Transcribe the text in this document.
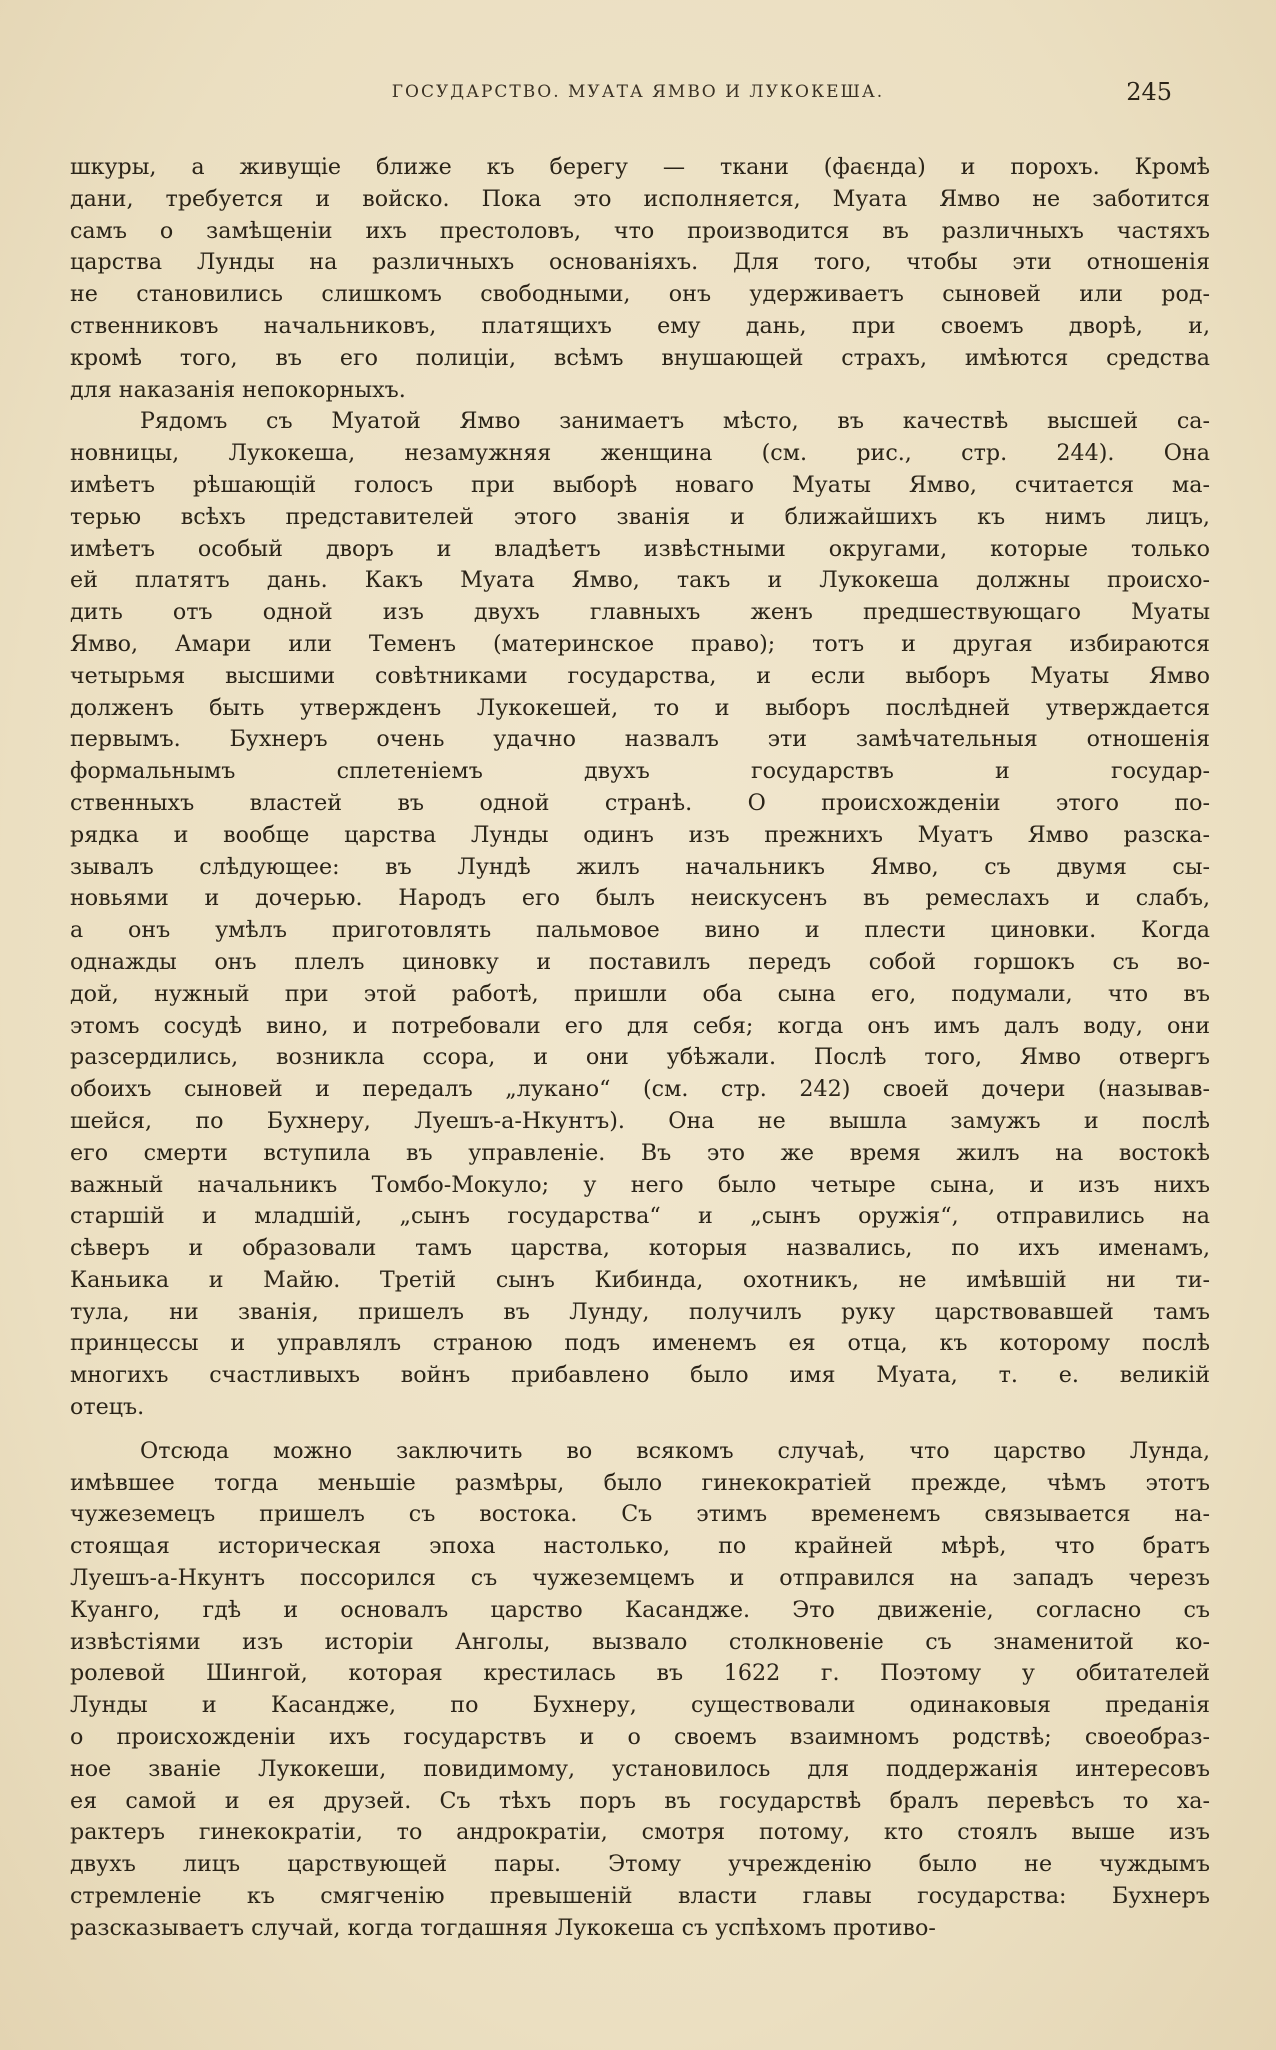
ГОСУДАРСТВО. МУАТА ЯМВО И ЛУКОКЕША.	245
шкуры, а живущіе ближе къ берегу — ткани (фаєнда) и порохъ. Кромѣ
дани, требуется и войско. Пока это исполняется, Муата Ямво не заботится
самъ о замѣщеніи ихъ престоловъ, что производится въ различныхъ частяхъ
царства Лунды на различныхъ основаніяхъ. Для того, чтобы эти отношенія
не становились слишкомъ свободными, онъ удерживаетъ сыновей или род-
ственниковъ начальниковъ, платящихъ ему дань, при своемъ дворѣ, и,
кромѣ того, въ его полиціи, всѣмъ внушающей страхъ, имѣются средства
для наказанія непокорныхъ.
Рядомъ съ Муатой Ямво занимаетъ мѣсто, въ качествѣ высшей са-
новницы, Лукокеша, незамужняя женщина (см. рис., стр. 244). Она
имѣетъ рѣшающій голосъ при выборѣ новаго Муаты Ямво, считается ма-
терью всѣхъ представителей этого званія и ближайшихъ къ нимъ лицъ,
имѣетъ особый дворъ и владѣетъ извѣстными округами, которые только
ей платятъ дань. Какъ Муата Ямво, такъ и Лукокеша должны происхо-
дить отъ одной изъ двухъ главныхъ женъ предшествующаго Муаты
Ямво, Амари или Теменъ (материнское право); тотъ и другая избираются
четырьмя высшими совѣтниками государства, и если выборъ Муаты Ямво
долженъ быть утвержденъ Лукокешей, то и выборъ послѣдней утверждается
первымъ. Бухнеръ очень удачно назвалъ эти замѣчательныя отношенія
формальнымъ сплетеніемъ двухъ государствъ и государ-
ственныхъ властей въ одной странѣ. О происхожденіи этого по-
рядка и вообще царства Лунды одинъ изъ прежнихъ Муатъ Ямво разска-
зывалъ слѣдующее: въ Лундѣ жилъ начальникъ Ямво, съ двумя сы-
новьями и дочерью. Народъ его былъ неискусенъ въ ремеслахъ и слабъ,
а онъ умѣлъ приготовлять пальмовое вино и плести циновки. Когда
однажды онъ плелъ циновку и поставилъ передъ собой горшокъ съ во-
дой, нужный при этой работѣ, пришли оба сына его, подумали, что въ
этомъ сосудѣ вино, и потребовали его для себя; когда онъ имъ далъ воду, они
разсердились, возникла ссора, и они убѣжали. Послѣ того, Ямво отвергъ
обоихъ сыновей и передалъ „лукано“ (см. стр. 242) своей дочери (называв-
шейся, по Бухнеру, Луешъ-а-Нкунтъ). Она не вышла замужъ и послѣ
его смерти вступила въ управленіе. Въ это же время жилъ на востокѣ
важный начальникъ Томбо-Мокуло; у него было четыре сына, и изъ нихъ
старшій и младшій, „сынъ государства“ и „сынъ оружія“, отправились на
сѣверъ и образовали тамъ царства, которыя назвались, по ихъ именамъ,
Каньика и Майю. Третій сынъ Кибинда, охотникъ, не имѣвшій ни ти-
тула, ни званія, пришелъ въ Лунду, получилъ руку царствовавшей тамъ
принцессы и управлялъ страною подъ именемъ ея отца, къ которому послѣ
многихъ счастливыхъ войнъ прибавлено было имя Муата, т. е. великій
отецъ.
Отсюда можно заключить во всякомъ случаѣ, что царство Лунда,
имѣвшее тогда меньшіе размѣры, было гинекократіей прежде, чѣмъ этотъ
чужеземецъ пришелъ съ востока. Съ этимъ временемъ связывается на-
стоящая историческая эпоха настолько, по крайней мѣрѣ, что братъ
Луешъ-а-Нкунтъ поссорился съ чужеземцемъ и отправился на западъ черезъ
Куанго, гдѣ и основалъ царство Касанджe. Это движеніе, согласно съ
извѣстіями изъ исторіи Анголы, вызвало столкновеніе съ знаменитой ко-
ролевой Шингой, которая крестилась въ 1622 г. Поэтому у обитателей
Лунды и Касанджe, по Бухнеру, существовали одинаковыя преданія
о происхожденіи ихъ государствъ и о своемъ взаимномъ родствѣ; своеобраз-
ное званіе Лукокеши, повидимому, установилось для поддержанія интересовъ
ея самой и ея друзей. Съ тѣхъ поръ въ государствѣ бралъ перевѣсъ то ха-
рактеръ гинекократіи, то андрократіи, смотря потому, кто стоялъ выше изъ
двухъ лицъ царствующей пары. Этому учрежденію было не чуждымъ
стремленіе къ смягченію превышеній власти главы государства: Бухнеръ
разсказываетъ случай, когда тогдашняя Лукокеша съ успѣхомъ противо-
